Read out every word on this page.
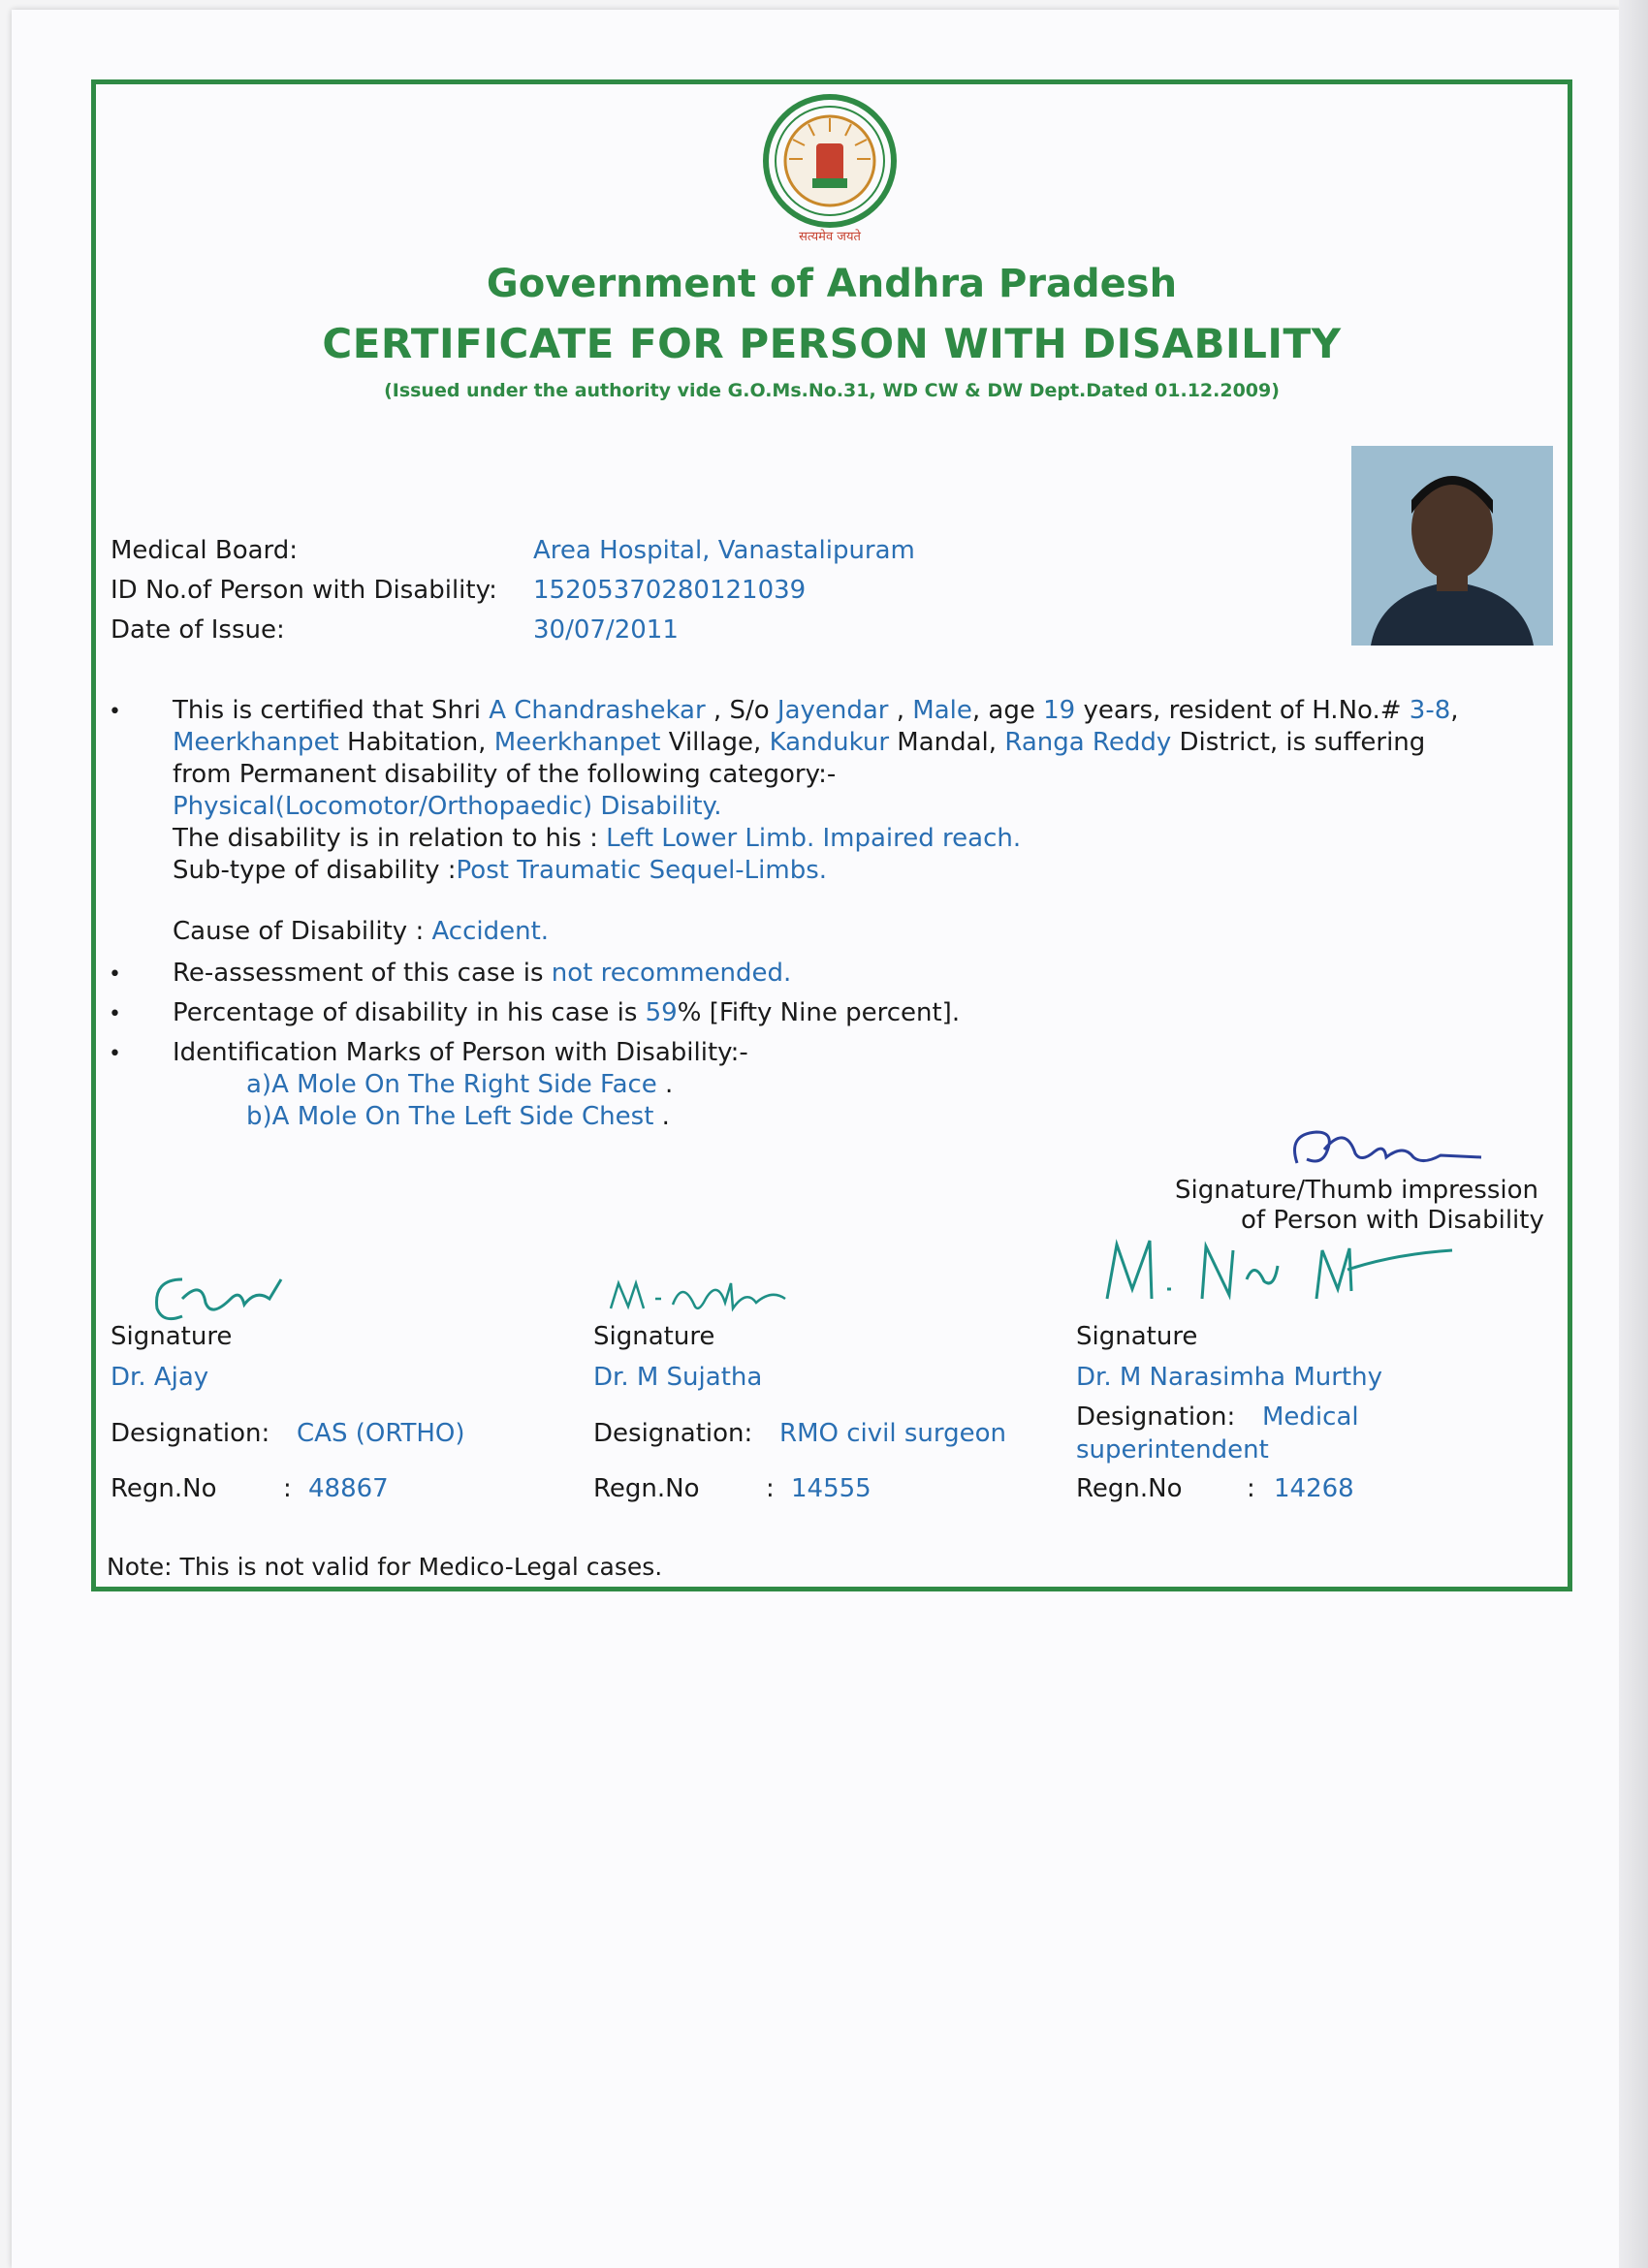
सत्यमेव जयते
Government of Andhra Pradesh
CERTIFICATE FOR PERSON WITH DISABILITY
(Issued under the authority vide G.O.Ms.No.31, WD CW & DW Dept.Dated 01.12.2009)
Medical Board:	Area Hospital, Vanastalipuram
ID No.of Person with Disability: 15205370280121039
Date of Issue:	30/07/2011
• This is certified that Shri A Chandrashekar , S/o Jayendar , Male, age 19 years, resident of H.No.# 3-8,
Meerkhanpet Habitation, Meerkhanpet Village, Kandukur Mandal, Ranga Reddy District, is suffering
from Permanent disability of the following category:-
Physical(Locomotor/Orthopaedic) Disability.
The disability is in relation to his : Left Lower Limb. Impaired reach.
Sub-type of disability :Post Traumatic Sequel-Limbs.
Cause of Disability : Accident.
• Re-assessment of this case is not recommended.
• Percentage of disability in his case is 59% [Fifty Nine percent].
• Identification Marks of Person with Disability:-
a)A Mole On The Right Side Face .
b)A Mole On The Left Side Chest .
Signature/Thumb impression
of Person with Disability
Signature
Dr. Ajay
Designation: CAS (ORTHO)
Regn.No	: 48867
Signature
Dr. M Sujatha
Designation: RMO civil surgeon
Regn.No	: 14555
Signature
Dr. M Narasimha Murthy
Designation: Medical
superintendent
Regn.No	: 14268
Note: This is not valid for Medico-Legal cases.
